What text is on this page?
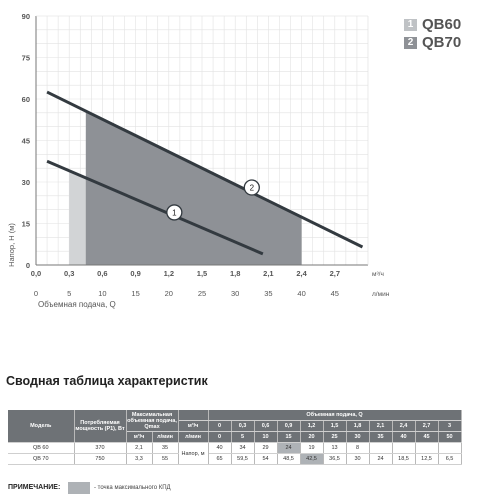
0
15
30
45
60
75
90
0,0	0,3	0,6	0,9	1,2	1,5	1,8	2,1	2,4	2,7
0	5	10	15	20	25	30	35	40	45
1
2
Напор, Н (м)
Объемная подача, Q
м³/ч
л/мин
1 QB60
2 QB70
Сводная таблица характеристик
Модель	Потребляемая мощность (P1), Вт	Максимальная объемная подача, Qmax			Объемная подача, Q										
				м³/ч	0	0,3	0,6	0,9	1,2	1,5	1,8	2,1	2,4	2,7	3
		м³/ч	л/мин	л/мин	0	5	10	15	20	25	30	35	40	45	50
QB 60	370	2,1	35	Напор, м	40	34	29	24	19	13	8				
QB 70	750	3,3	55		65	59,5	54	48,5	42,5	36,5	30	24	18,5	12,5	6,5
ПРИМЕЧАНИЕ:	- точка максимального КПД
